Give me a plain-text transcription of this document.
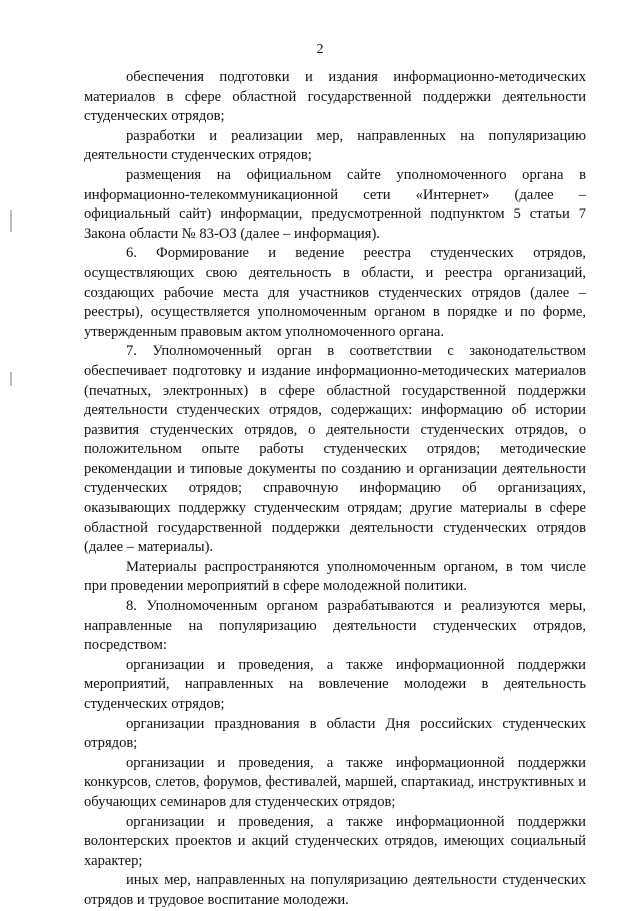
2

обеспечения подготовки и издания информационно-методических материалов в сфере областной государственной поддержки деятельности студенческих отрядов;

разработки и реализации мер, направленных на популяризацию деятельности студенческих отрядов;

размещения на официальном сайте уполномоченного органа в информационно-телекоммуникационной сети «Интернет» (далее – официальный сайт) информации, предусмотренной подпунктом 5 статьи 7 Закона области № 83-ОЗ (далее – информация).

6. Формирование и ведение реестра студенческих отрядов, осуществляющих свою деятельность в области, и реестра организаций, создающих рабочие места для участников студенческих отрядов (далее – реестры), осуществляется уполномоченным органом в порядке и по форме, утвержденным правовым актом уполномоченного органа.

7. Уполномоченный орган в соответствии с законодательством обеспечивает подготовку и издание информационно-методических материалов (печатных, электронных) в сфере областной государственной поддержки деятельности студенческих отрядов, содержащих: информацию об истории развития студенческих отрядов, о деятельности студенческих отрядов, о положительном опыте работы студенческих отрядов; методические рекомендации и типовые документы по созданию и организации деятельности студенческих отрядов; справочную информацию об организациях, оказывающих поддержку студенческим отрядам; другие материалы в сфере областной государственной поддержки деятельности студенческих отрядов (далее – материалы).

Материалы распространяются уполномоченным органом, в том числе при проведении мероприятий в сфере молодежной политики.

8. Уполномоченным органом разрабатываются и реализуются меры, направленные на популяризацию деятельности студенческих отрядов, посредством:

организации и проведения, а также информационной поддержки мероприятий, направленных на вовлечение молодежи в деятельность студенческих отрядов;

организации празднования в области Дня российских студенческих отрядов;

организации и проведения, а также информационной поддержки конкурсов, слетов, форумов, фестивалей, маршей, спартакиад, инструктивных и обучающих семинаров для студенческих отрядов;

организации и проведения, а также информационной поддержки волонтерских проектов и акций студенческих отрядов, имеющих социальный характер;

иных мер, направленных на популяризацию деятельности студенческих отрядов и трудовое воспитание молодежи.
